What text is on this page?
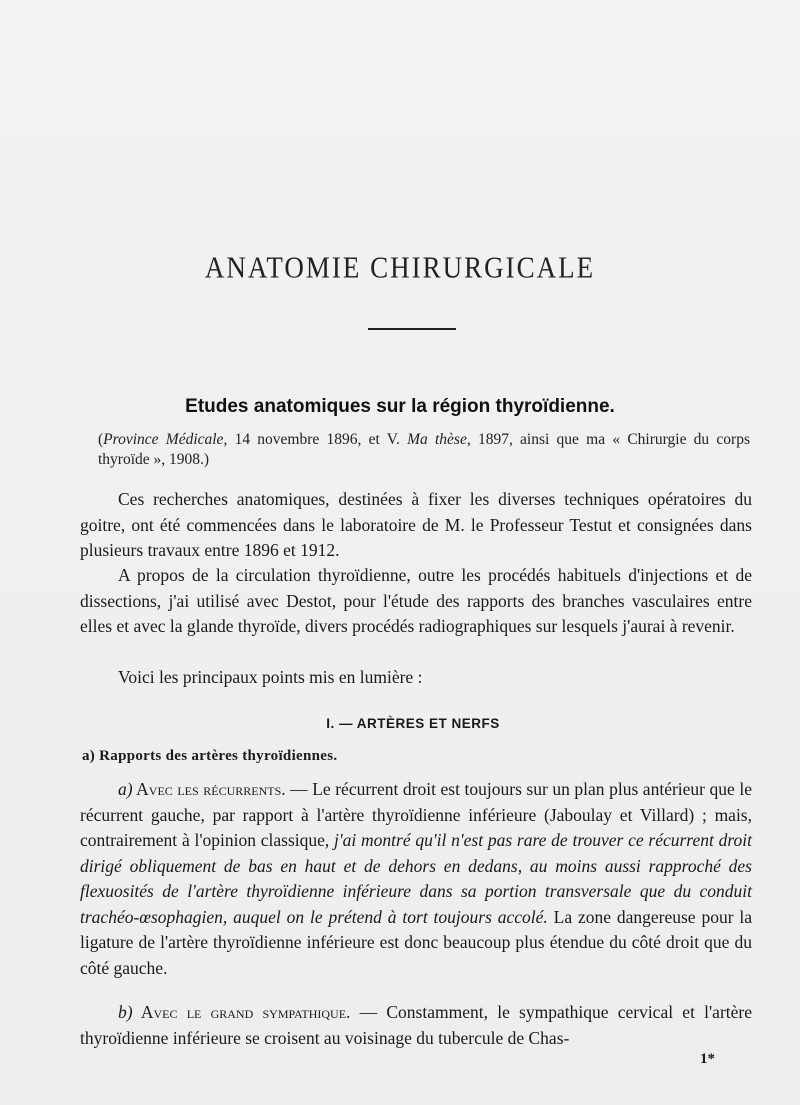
ANATOMIE CHIRURGICALE
Etudes anatomiques sur la région thyroïdienne.
(Province Médicale, 14 novembre 1896, et V. Ma thèse, 1897, ainsi que ma « Chirurgie du corps thyroïde », 1908.)

Ces recherches anatomiques, destinées à fixer les diverses techniques opératoires du goitre, ont été commencées dans le laboratoire de M. le Professeur Testut et consignées dans plusieurs travaux entre 1896 et 1912.

A propos de la circulation thyroïdienne, outre les procédés habituels d'injections et de dissections, j'ai utilisé avec Destot, pour l'étude des rapports des branches vasculaires entre elles et avec la glande thyroïde, divers procédés radiographiques sur lesquels j'aurai à revenir.

Voici les principaux points mis en lumière :

I. — ARTÈRES ET NERFS
a) Rapports des artères thyroïdiennes.

a) Avec les récurrents. — Le récurrent droit est toujours sur un plan plus antérieur que le récurrent gauche, par rapport à l'artère thyroïdienne inférieure (Jaboulay et Villard) ; mais, contrairement à l'opinion classique, j'ai montré qu'il n'est pas rare de trouver ce récurrent droit dirigé obliquement de bas en haut et de dehors en dedans, au moins aussi rapproché des flexuosités de l'artère thyroïdienne inférieure dans sa portion transversale que du conduit trachéo-œsophagien, auquel on le prétend à tort toujours accolé. La zone dangereuse pour la ligature de l'artère thyroïdienne inférieure est donc beaucoup plus étendue du côté droit que du côté gauche.

b) Avec le grand sympathique. — Constamment, le sympathique cervical et l'artère thyroïdienne inférieure se croisent au voisinage du tubercule de Chas-

1*
